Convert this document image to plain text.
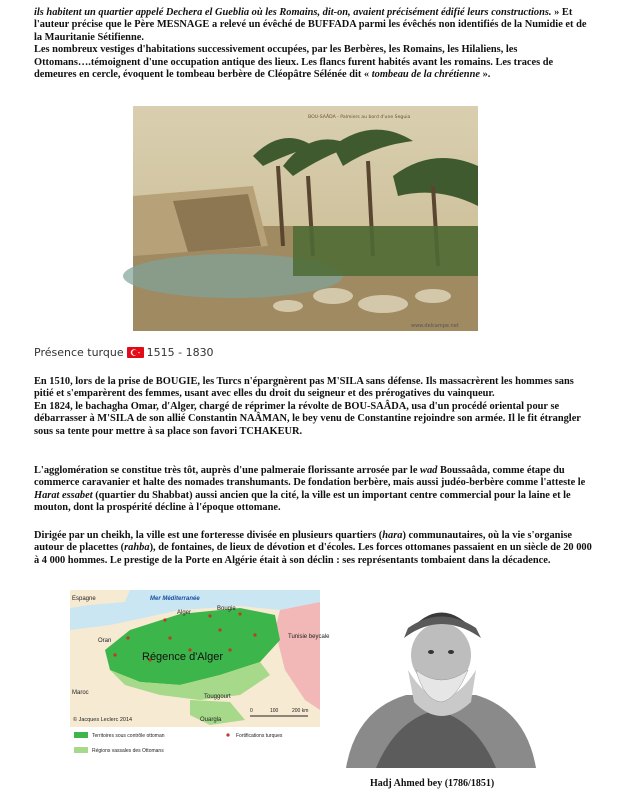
ils habitent un quartier appelé Dechera el Gueblia où les Romains, dit-on, avaient précisément édifié leurs constructions. » Et l'auteur précise que le Père MESNAGE a relevé un évêché de BUFFADA parmi les évêchés non identifiés de la Numidie et de la Mauritanie Sétifienne.
Les nombreux vestiges d'habitations successivement occupées, par les Berbères, les Romains, les Hilaliens, les Ottomans….témoignent d'une occupation antique des lieux. Les flancs furent habités avant les romains. Les traces de demeures en cercle, évoquent le tombeau berbère de Cléopâtre Sélénée dit « tombeau de la chrétienne ».

BOU-SAÂDA - Palmiers au bord d'une Seguia
www.delcampe.net
Présence turque 1515 - 1830

En 1510, lors de la prise de BOUGIE, les Turcs n'épargnèrent pas M'SILA sans défense. Ils massacrèrent les hommes sans pitié et s'emparèrent des femmes, usant avec elles du droit du seigneur et des prérogatives du vainqueur.
En 1824, le bachagha Omar, d'Alger, chargé de réprimer la révolte de BOU-SAÂDA, usa d'un procédé oriental pour se débarrasser à M'SILA de son allié Constantin NAÂMAN, le bey venu de Constantine rejoindre son armée. Il le fit étrangler sous sa tente pour mettre à sa place son favori TCHAKEUR.

L'agglomération se constitue très tôt, auprès d'une palmeraie florissante arrosée par le wad Boussaâda, comme étape du commerce caravanier et halte des nomades transhumants. De fondation berbère, mais aussi judéo-berbère comme l'atteste le Harat essabet (quartier du Shabbat) aussi ancien que la cité, la ville est un important centre commercial pour la laine et le mouton, dont la prospérité décline à l'époque ottomane.

Dirigée par un cheikh, la ville est une forteresse divisée en plusieurs quartiers (hara) communautaires, où la vie s'organise autour de placettes (rahba), de fontaines, de lieux de dévotion et d'écoles. Les forces ottomanes passaient en un siècle de 20 000 à 4 000 hommes. Le prestige de la Porte en Algérie était à son déclin : ses représentants tombaient dans la décadence.

Espagne	Mer Méditerranée
Bougie
Alger
Oran
Tunisie beycale
Régence d'Alger
Maroc
Touggourt
Ouargla
© Jacques Leclerc 2014
0	100	200 km
Territoires sous contrôle ottoman
Régions vassales des Ottomans
Fortifications turques
Hadj Ahmed bey (1786/1851)
